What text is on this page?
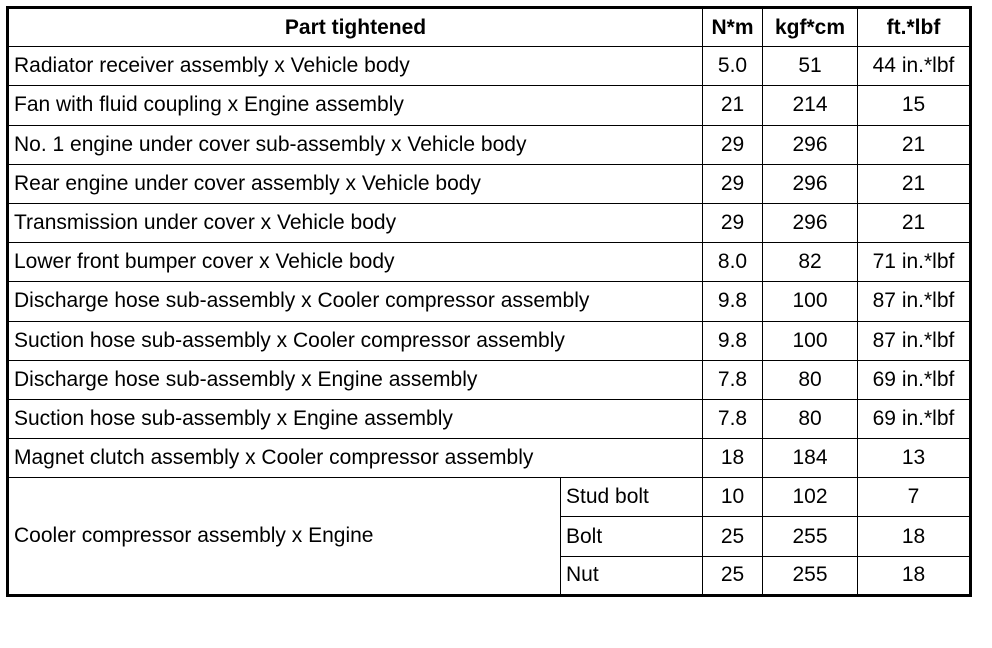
Part tightened		N*m	kgf*cm	ft.*lbf
Radiator receiver assembly x Vehicle body		5.0	51	44 in.*lbf
Fan with fluid coupling x Engine assembly		21	214	15
No. 1 engine under cover sub-assembly x Vehicle body		29	296	21
Rear engine under cover assembly x Vehicle body		29	296	21
Transmission under cover x Vehicle body		29	296	21
Lower front bumper cover x Vehicle body		8.0	82	71 in.*lbf
Discharge hose sub-assembly x Cooler compressor assembly		9.8	100	87 in.*lbf
Suction hose sub-assembly x Cooler compressor assembly		9.8	100	87 in.*lbf
Discharge hose sub-assembly x Engine assembly		7.8	80	69 in.*lbf
Suction hose sub-assembly x Engine assembly		7.8	80	69 in.*lbf
Magnet clutch assembly x Cooler compressor assembly		18	184	13
Cooler compressor assembly x Engine	Stud bolt	10	102	7
	Bolt	25	255	18
	Nut	25	255	18
